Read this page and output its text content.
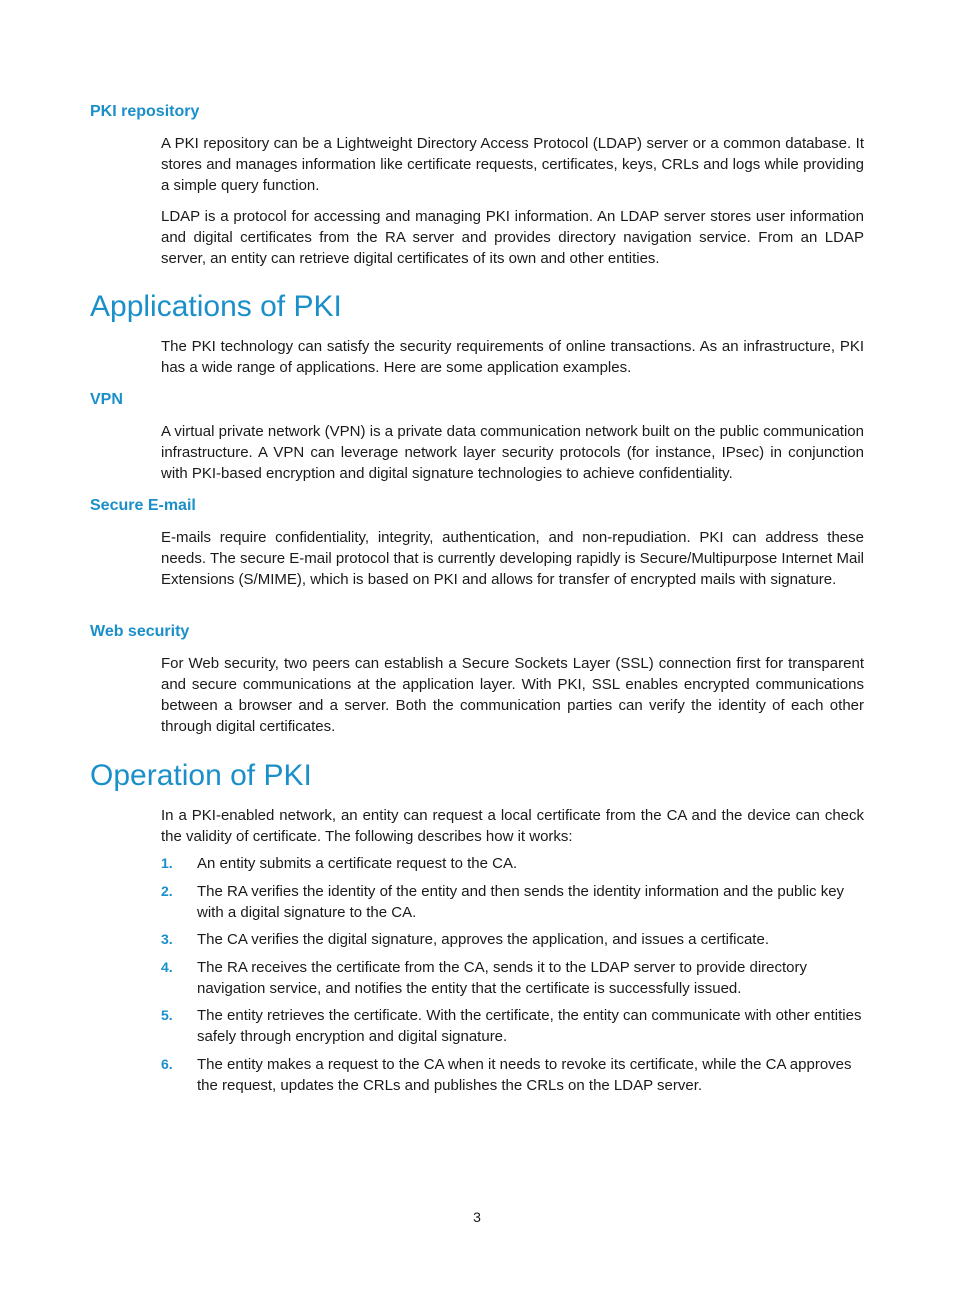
PKI repository

A PKI repository can be a Lightweight Directory Access Protocol (LDAP) server or a common database. It stores and manages information like certificate requests, certificates, keys, CRLs and logs while providing a simple query function.

LDAP is a protocol for accessing and managing PKI information. An LDAP server stores user information and digital certificates from the RA server and provides directory navigation service. From an LDAP server, an entity can retrieve digital certificates of its own and other entities.

Applications of PKI

The PKI technology can satisfy the security requirements of online transactions. As an infrastructure, PKI has a wide range of applications. Here are some application examples.

VPN

A virtual private network (VPN) is a private data communication network built on the public communication infrastructure. A VPN can leverage network layer security protocols (for instance, IPsec) in conjunction with PKI-based encryption and digital signature technologies to achieve confidentiality.

Secure E-mail

E-mails require confidentiality, integrity, authentication, and non-repudiation. PKI can address these needs. The secure E-mail protocol that is currently developing rapidly is Secure/Multipurpose Internet Mail Extensions (S/MIME), which is based on PKI and allows for transfer of encrypted mails with signature.

Web security

For Web security, two peers can establish a Secure Sockets Layer (SSL) connection first for transparent and secure communications at the application layer. With PKI, SSL enables encrypted communications between a browser and a server. Both the communication parties can verify the identity of each other through digital certificates.

Operation of PKI

In a PKI-enabled network, an entity can request a local certificate from the CA and the device can check the validity of certificate. The following describes how it works:

1. An entity submits a certificate request to the CA.
2. The RA verifies the identity of the entity and then sends the identity information and the public key with a digital signature to the CA.
3. The CA verifies the digital signature, approves the application, and issues a certificate.
4. The RA receives the certificate from the CA, sends it to the LDAP server to provide directory navigation service, and notifies the entity that the certificate is successfully issued.
5. The entity retrieves the certificate. With the certificate, the entity can communicate with other entities safely through encryption and digital signature.
6. The entity makes a request to the CA when it needs to revoke its certificate, while the CA approves the request, updates the CRLs and publishes the CRLs on the LDAP server.
3
